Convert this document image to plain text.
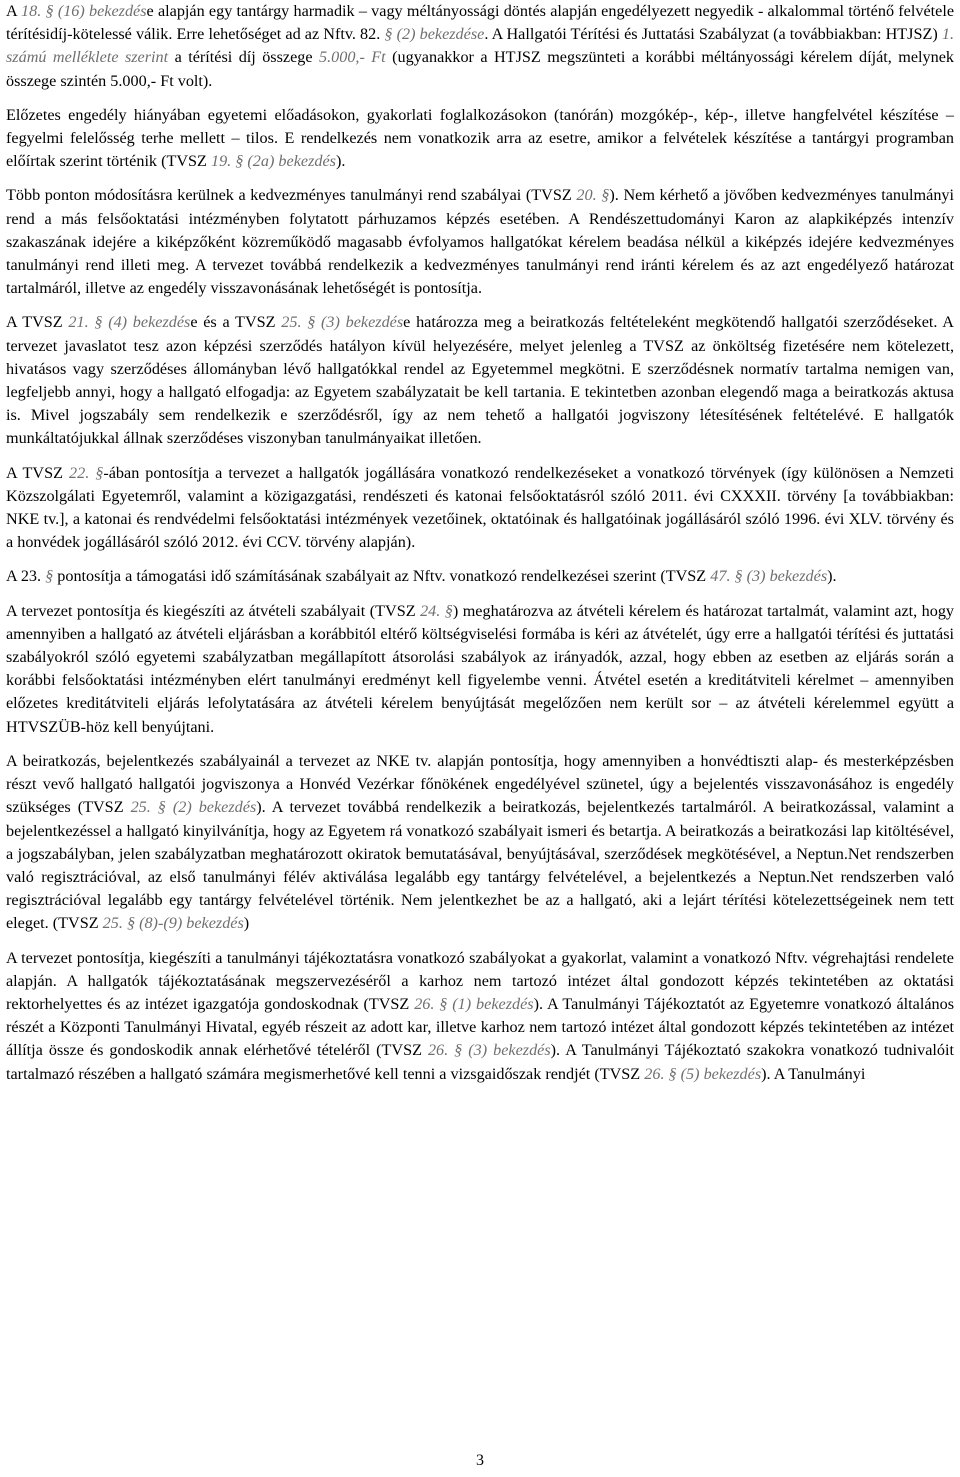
A 18. § (16) bekezdése alapján egy tantárgy harmadik – vagy méltányossági döntés alapján engedélyezett negyedik - alkalommal történő felvétele térítésidíj-kötelessé válik. Erre lehetőséget ad az Nftv. 82. § (2) bekezdése. A Hallgatói Térítési és Juttatási Szabályzat (a továbbiakban: HTJSZ) 1. számú melléklete szerint a térítési díj összege 5.000,- Ft (ugyanakkor a HTJSZ megszünteti a korábbi méltányossági kérelem díját, melynek összege szintén 5.000,- Ft volt).

Előzetes engedély hiányában egyetemi előadásokon, gyakorlati foglalkozásokon (tanórán) mozgókép-, kép-, illetve hangfelvétel készítése – fegyelmi felelősség terhe mellett – tilos. E rendelkezés nem vonatkozik arra az esetre, amikor a felvételek készítése a tantárgyi programban előírtak szerint történik (TVSZ 19. § (2a) bekezdés).

Több ponton módosításra kerülnek a kedvezményes tanulmányi rend szabályai (TVSZ 20. §). Nem kérhető a jövőben kedvezményes tanulmányi rend a más felsőoktatási intézményben folytatott párhuzamos képzés esetében. A Rendészettudományi Karon az alapkiképzés intenzív szakaszának idejére a kiképzőként közreműködő magasabb évfolyamos hallgatókat kérelem beadása nélkül a kiképzés idejére kedvezményes tanulmányi rend illeti meg. A tervezet továbbá rendelkezik a kedvezményes tanulmányi rend iránti kérelem és az azt engedélyező határozat tartalmáról, illetve az engedély visszavonásának lehetőségét is pontosítja.

A TVSZ 21. § (4) bekezdése és a TVSZ 25. § (3) bekezdése határozza meg a beiratkozás feltételeként megkötendő hallgatói szerződéseket. A tervezet javaslatot tesz azon képzési szerződés hatályon kívül helyezésére, melyet jelenleg a TVSZ az önköltség fizetésére nem kötelezett, hivatásos vagy szerződéses állományban lévő hallgatókkal rendel az Egyetemmel megkötni. E szerződésnek normatív tartalma nemigen van, legfeljebb annyi, hogy a hallgató elfogadja: az Egyetem szabályzatait be kell tartania. E tekintetben azonban elegendő maga a beiratkozás aktusa is. Mivel jogszabály sem rendelkezik e szerződésről, így az nem tehető a hallgatói jogviszony létesítésének feltételévé. E hallgatók munkáltatójukkal állnak szerződéses viszonyban tanulmányaikat illetően.

A TVSZ 22. §-ában pontosítja a tervezet a hallgatók jogállására vonatkozó rendelkezéseket a vonatkozó törvények (így különösen a Nemzeti Közszolgálati Egyetemről, valamint a közigazgatási, rendészeti és katonai felsőoktatásról szóló 2011. évi CXXXII. törvény [a továbbiakban: NKE tv.], a katonai és rendvédelmi felsőoktatási intézmények vezetőinek, oktatóinak és hallgatóinak jogállásáról szóló 1996. évi XLV. törvény és a honvédek jogállásáról szóló 2012. évi CCV. törvény alapján).

A 23. § pontosítja a támogatási idő számításának szabályait az Nftv. vonatkozó rendelkezései szerint (TVSZ 47. § (3) bekezdés).

A tervezet pontosítja és kiegészíti az átvételi szabályait (TVSZ 24. §) meghatározva az átvételi kérelem és határozat tartalmát, valamint azt, hogy amennyiben a hallgató az átvételi eljárásban a korábbitól eltérő költségviselési formába is kéri az átvételét, úgy erre a hallgatói térítési és juttatási szabályokról szóló egyetemi szabályzatban megállapított átsorolási szabályok az irányadók, azzal, hogy ebben az esetben az eljárás során a korábbi felsőoktatási intézményben elért tanulmányi eredményt kell figyelembe venni. Átvétel esetén a kreditátviteli kérelmet – amennyiben előzetes kreditátviteli eljárás lefolytatására az átvételi kérelem benyújtását megelőzően nem került sor – az átvételi kérelemmel együtt a HTVSZÜB-höz kell benyújtani.

A beiratkozás, bejelentkezés szabályainál a tervezet az NKE tv. alapján pontosítja, hogy amennyiben a honvédtiszti alap- és mesterképzésben részt vevő hallgató hallgatói jogviszonya a Honvéd Vezérkar főnökének engedélyével szünetel, úgy a bejelentés visszavonásához is engedély szükséges (TVSZ 25. § (2) bekezdés). A tervezet továbbá rendelkezik a beiratkozás, bejelentkezés tartalmáról. A beiratkozással, valamint a bejelentkezéssel a hallgató kinyilvánítja, hogy az Egyetem rá vonatkozó szabályait ismeri és betartja. A beiratkozás a beiratkozási lap kitöltésével, a jogszabályban, jelen szabályzatban meghatározott okiratok bemutatásával, benyújtásával, szerződések megkötésével, a Neptun.Net rendszerben való regisztrációval, az első tanulmányi félév aktiválása legalább egy tantárgy felvételével, a bejelentkezés a Neptun.Net rendszerben való regisztrációval legalább egy tantárgy felvételével történik. Nem jelentkezhet be az a hallgató, aki a lejárt térítési kötelezettségeinek nem tett eleget. (TVSZ 25. § (8)-(9) bekezdés)

A tervezet pontosítja, kiegészíti a tanulmányi tájékoztatásra vonatkozó szabályokat a gyakorlat, valamint a vonatkozó Nftv. végrehajtási rendelete alapján. A hallgatók tájékoztatásának megszervezéséről a karhoz nem tartozó intézet által gondozott képzés tekintetében az oktatási rektorhelyettes és az intézet igazgatója gondoskodnak (TVSZ 26. § (1) bekezdés). A Tanulmányi Tájékoztatót az Egyetemre vonatkozó általános részét a Központi Tanulmányi Hivatal, egyéb részeit az adott kar, illetve karhoz nem tartozó intézet által gondozott képzés tekintetében az intézet állítja össze és gondoskodik annak elérhetővé tételéről (TVSZ 26. § (3) bekezdés). A Tanulmányi Tájékoztató szakokra vonatkozó tudnivalóit tartalmazó részében a hallgató számára megismerhetővé kell tenni a vizsgaidőszak rendjét (TVSZ 26. § (5) bekezdés). A Tanulmányi

3
